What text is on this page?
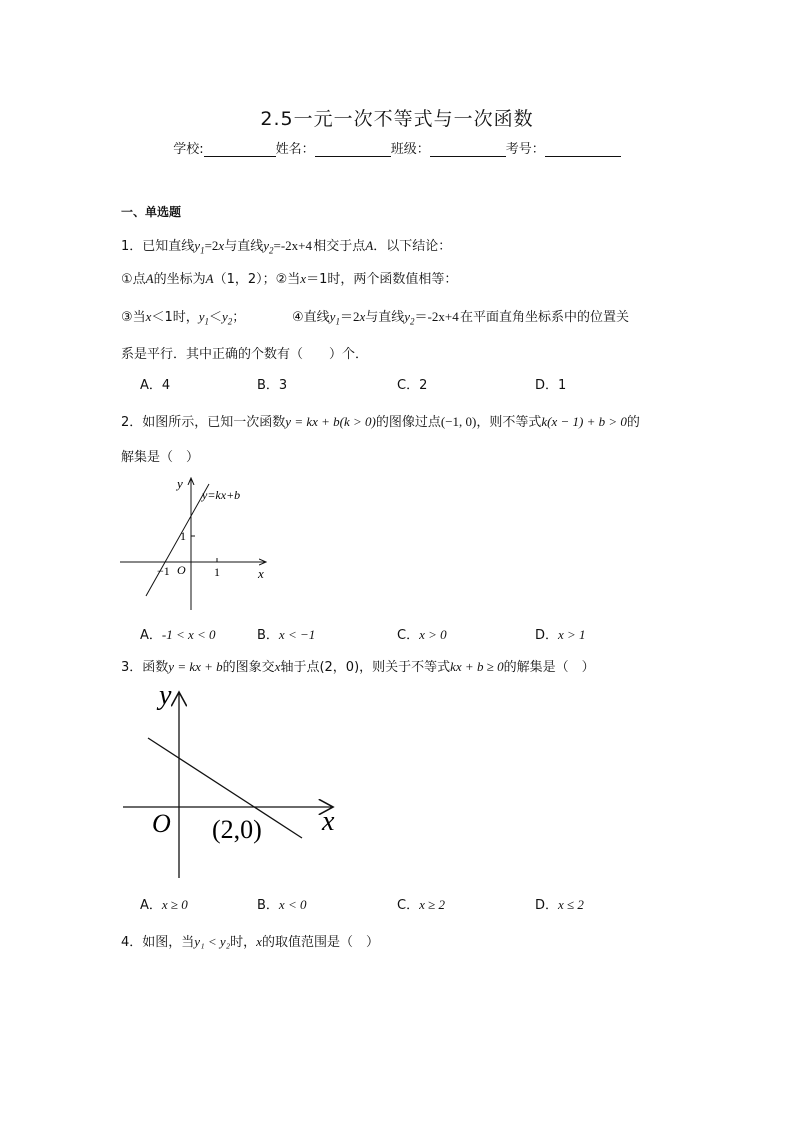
2.5一元一次不等式与一次函数
学校:	姓名：	班级：	考号：
一、单选题
1．已知直线$y_1=2x$与直线$y_2=-2x+4$ 相交于点A．以下结论：
①点A的坐标为A（1，2）；②当x＝1时，两个函数值相等：
③当x＜1时，$y_1<y_2$；	④直线$y_1=2x$与直线$y_2=-2x+4$ 在平面直角坐标系中的位置关
系是平行．其中正确的个数有（　　）个．
A．4	B．3	C．2	D．1
2．如图所示，已知一次函数y = kx + b(k > 0)的图像过点(−1, 0)，则不等式k(x − 1) + b > 0的
解集是（　）
y
y=kx+b
1
O
−1	1	x
A．-1 < x < 0	B．x < −1	C．x > 0	D．x > 1
3．函数y = kx + b的图象交x轴于点(2，0)，则关于不等式kx + b ≥ 0的解集是（　）
y
O (2,0) x
A．x ≥ 0	B．x < 0	C．x ≥ 2	D．x ≤ 2
4．如图，当y₁ < y₂时，x的取值范围是（　）
